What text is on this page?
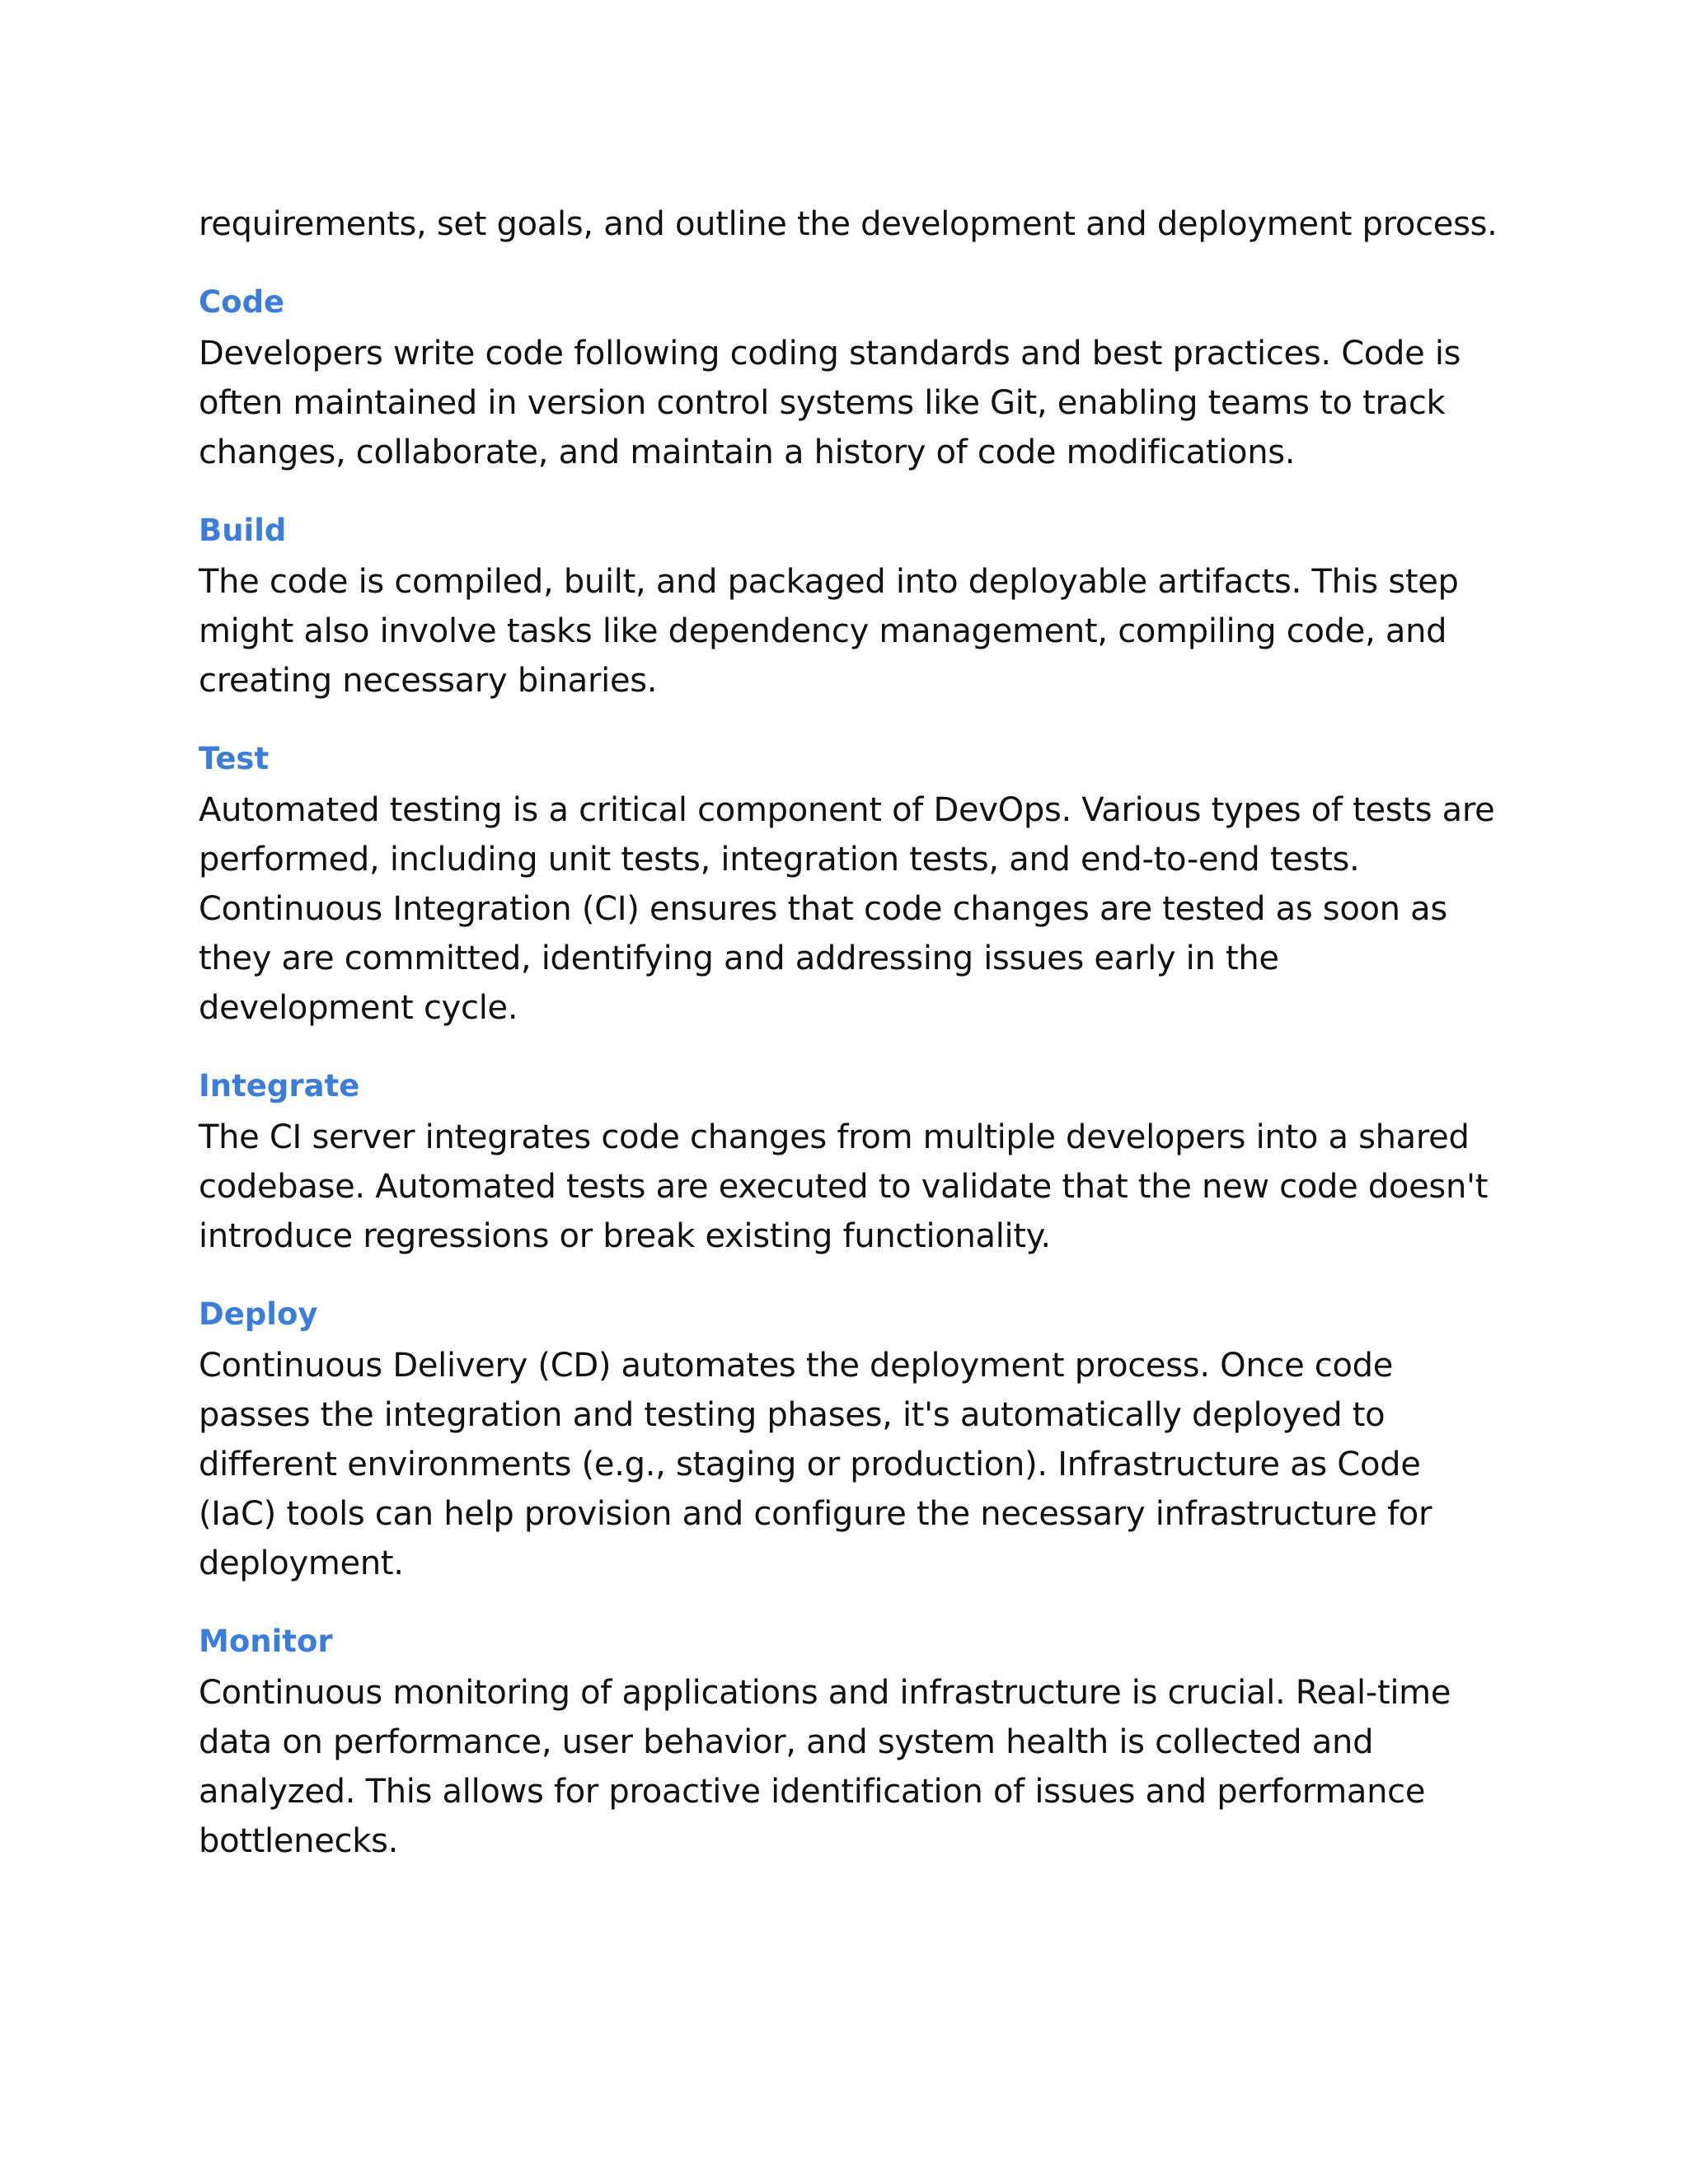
requirements, set goals, and outline the development and deployment process.

Code

Developers write code following coding standards and best practices. Code is often maintained in version control systems like Git, enabling teams to track changes, collaborate, and maintain a history of code modifications.

Build

The code is compiled, built, and packaged into deployable artifacts. This step might also involve tasks like dependency management, compiling code, and creating necessary binaries.

Test

Automated testing is a critical component of DevOps. Various types of tests are performed, including unit tests, integration tests, and end-to-end tests. Continuous Integration (CI) ensures that code changes are tested as soon as they are committed, identifying and addressing issues early in the development cycle.

Integrate

The CI server integrates code changes from multiple developers into a shared codebase. Automated tests are executed to validate that the new code doesn't introduce regressions or break existing functionality.

Deploy

Continuous Delivery (CD) automates the deployment process. Once code passes the integration and testing phases, it's automatically deployed to different environments (e.g., staging or production). Infrastructure as Code (IaC) tools can help provision and configure the necessary infrastructure for deployment.

Monitor

Continuous monitoring of applications and infrastructure is crucial. Real-time data on performance, user behavior, and system health is collected and analyzed. This allows for proactive identification of issues and performance bottlenecks.
